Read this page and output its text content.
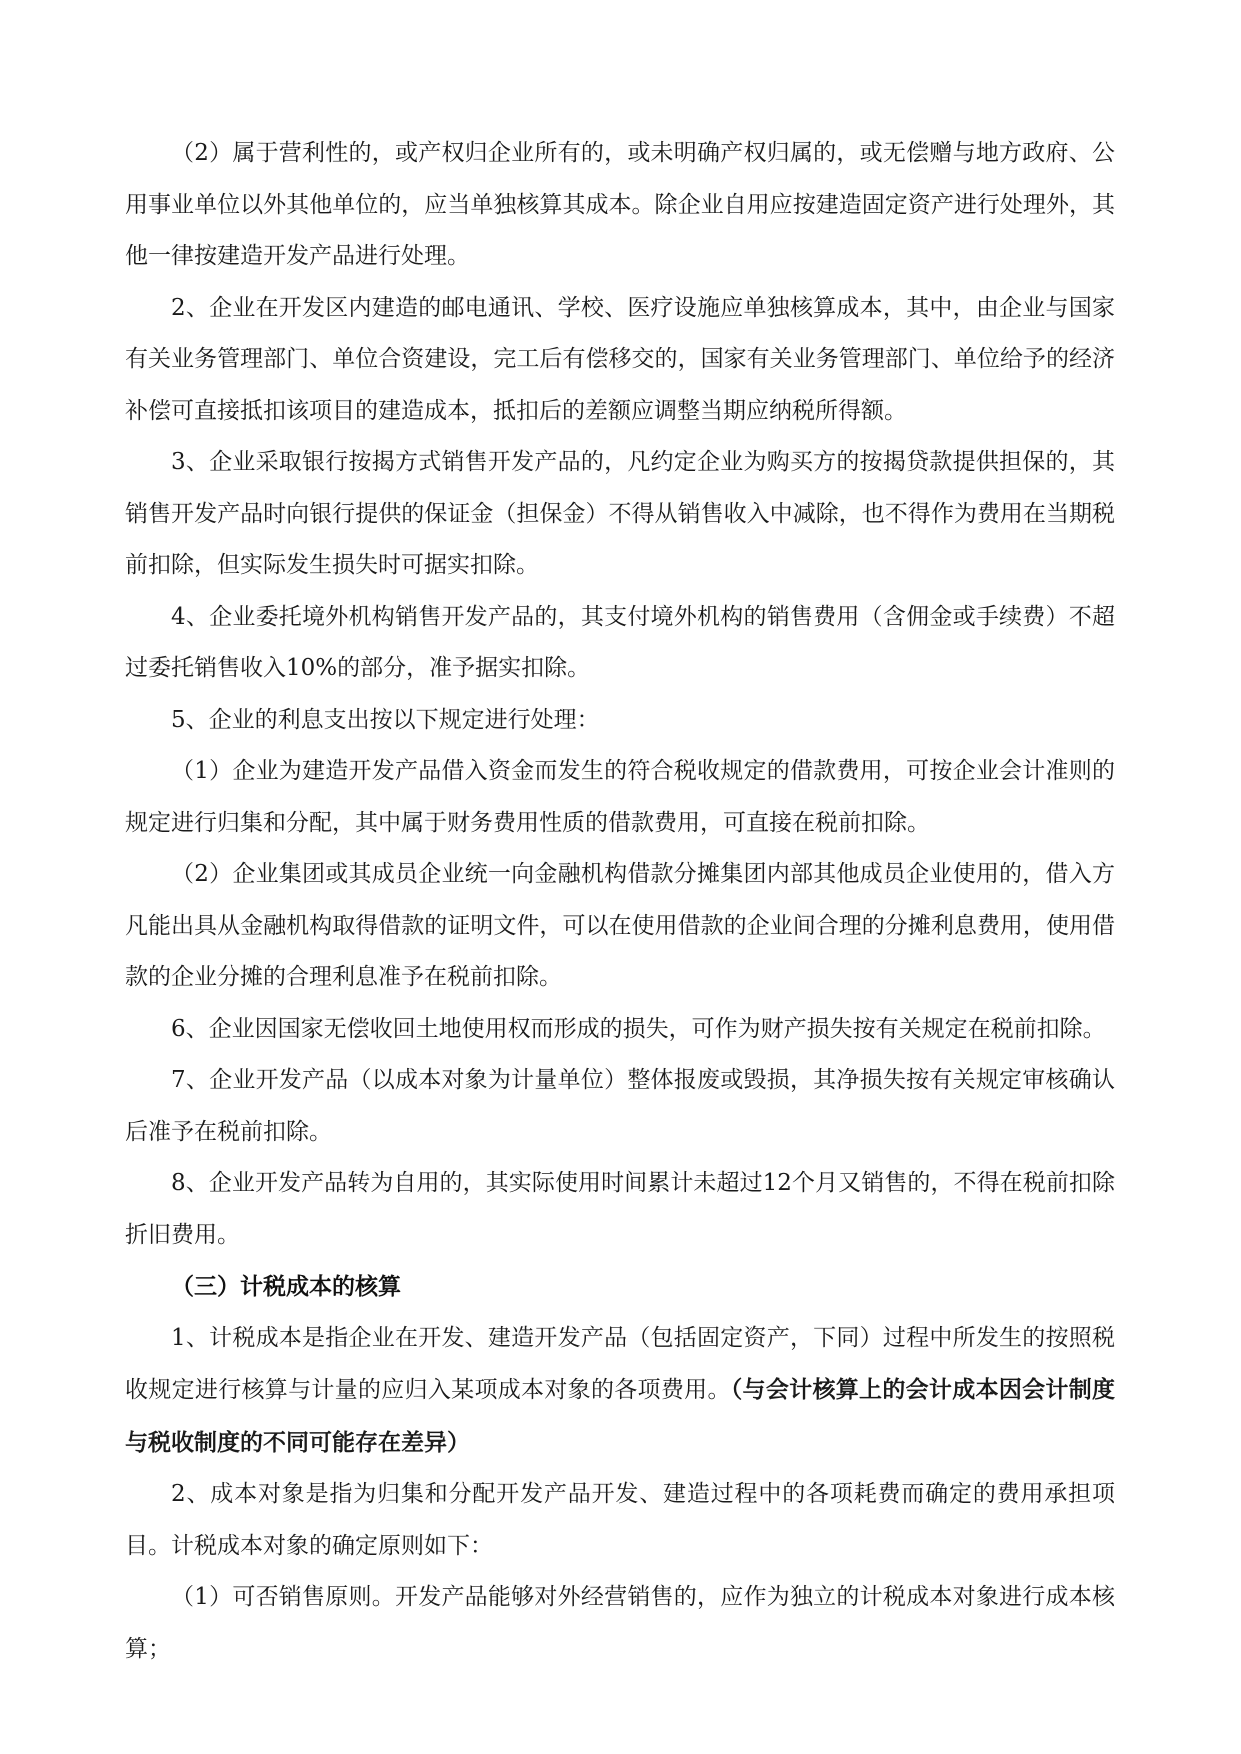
（2）属于营利性的，或产权归企业所有的，或未明确产权归属的，或无偿赠与地方政府、公用事业单位以外其他单位的，应当单独核算其成本。除企业自用应按建造固定资产进行处理外，其他一律按建造开发产品进行处理。

2、企业在开发区内建造的邮电通讯、学校、医疗设施应单独核算成本，其中，由企业与国家有关业务管理部门、单位合资建设，完工后有偿移交的，国家有关业务管理部门、单位给予的经济补偿可直接抵扣该项目的建造成本，抵扣后的差额应调整当期应纳税所得额。

3、企业采取银行按揭方式销售开发产品的，凡约定企业为购买方的按揭贷款提供担保的，其销售开发产品时向银行提供的保证金（担保金）不得从销售收入中减除，也不得作为费用在当期税前扣除，但实际发生损失时可据实扣除。

4、企业委托境外机构销售开发产品的，其支付境外机构的销售费用（含佣金或手续费）不超过委托销售收入10%的部分，准予据实扣除。

5、企业的利息支出按以下规定进行处理：

（1）企业为建造开发产品借入资金而发生的符合税收规定的借款费用，可按企业会计准则的规定进行归集和分配，其中属于财务费用性质的借款费用，可直接在税前扣除。

（2）企业集团或其成员企业统一向金融机构借款分摊集团内部其他成员企业使用的，借入方凡能出具从金融机构取得借款的证明文件，可以在使用借款的企业间合理的分摊利息费用，使用借款的企业分摊的合理利息准予在税前扣除。

6、企业因国家无偿收回土地使用权而形成的损失，可作为财产损失按有关规定在税前扣除。

7、企业开发产品（以成本对象为计量单位）整体报废或毁损，其净损失按有关规定审核确认后准予在税前扣除。

8、企业开发产品转为自用的，其实际使用时间累计未超过12个月又销售的，不得在税前扣除折旧费用。

（三）计税成本的核算

1、计税成本是指企业在开发、建造开发产品（包括固定资产，下同）过程中所发生的按照税收规定进行核算与计量的应归入某项成本对象的各项费用。（与会计核算上的会计成本因会计制度与税收制度的不同可能存在差异）

2、成本对象是指为归集和分配开发产品开发、建造过程中的各项耗费而确定的费用承担项目。计税成本对象的确定原则如下：

（1）可否销售原则。开发产品能够对外经营销售的，应作为独立的计税成本对象进行成本核算；
